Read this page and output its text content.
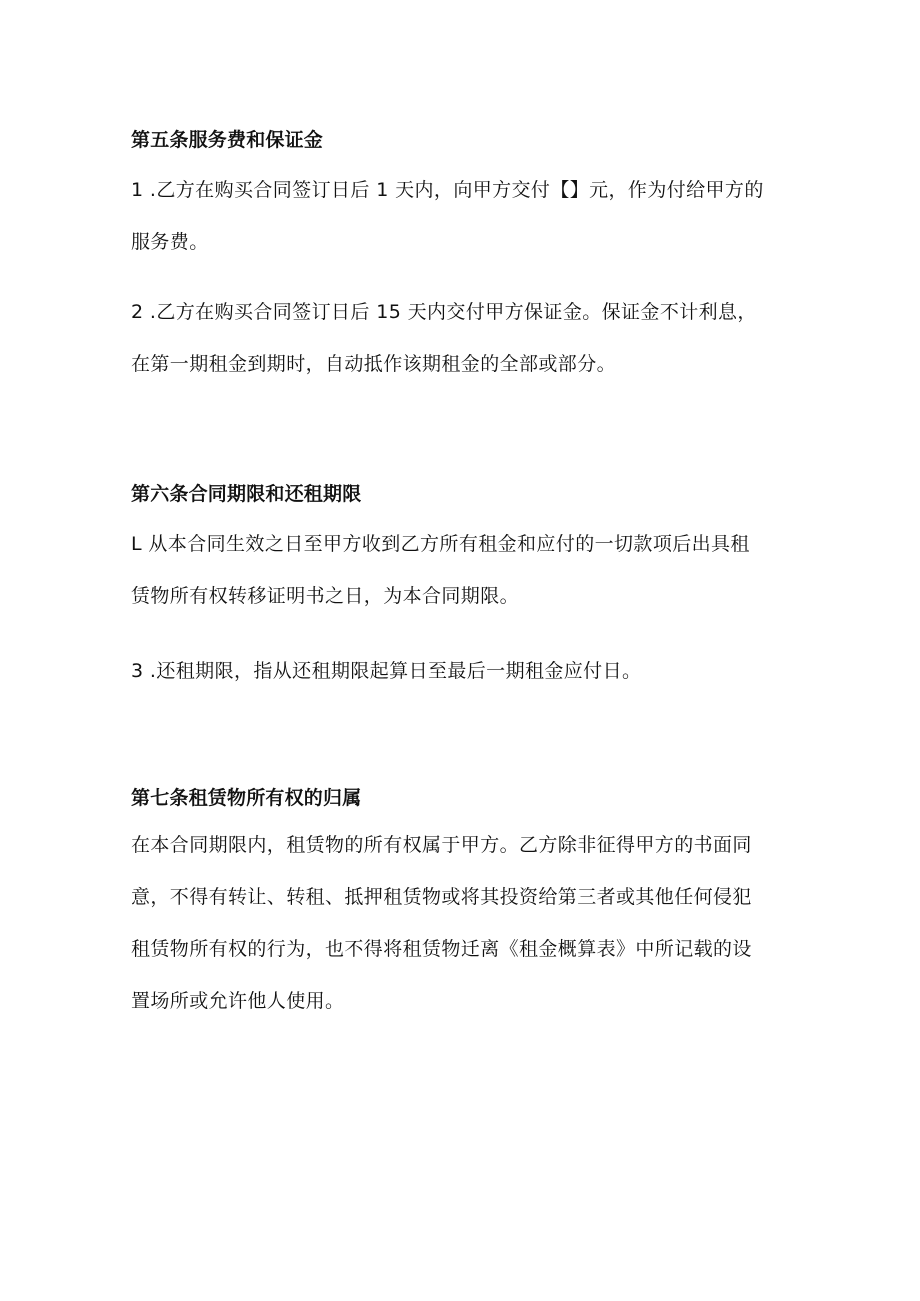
第五条服务费和保证金
1 .乙方在购买合同签订日后 1 天内，向甲方交付【】元，作为付给甲方的
服务费。
2 .乙方在购买合同签订日后 15 天内交付甲方保证金。保证金不计利息，
在第一期租金到期时，自动抵作该期租金的全部或部分。
第六条合同期限和还租期限
L 从本合同生效之日至甲方收到乙方所有租金和应付的一切款项后出具租
赁物所有权转移证明书之日，为本合同期限。
3 .还租期限，指从还租期限起算日至最后一期租金应付日。
第七条租赁物所有权的归属
在本合同期限内，租赁物的所有权属于甲方。乙方除非征得甲方的书面同
意，不得有转让、转租、抵押租赁物或将其投资给第三者或其他任何侵犯
租赁物所有权的行为，也不得将租赁物迁离《租金概算表》中所记载的设
置场所或允许他人使用。
